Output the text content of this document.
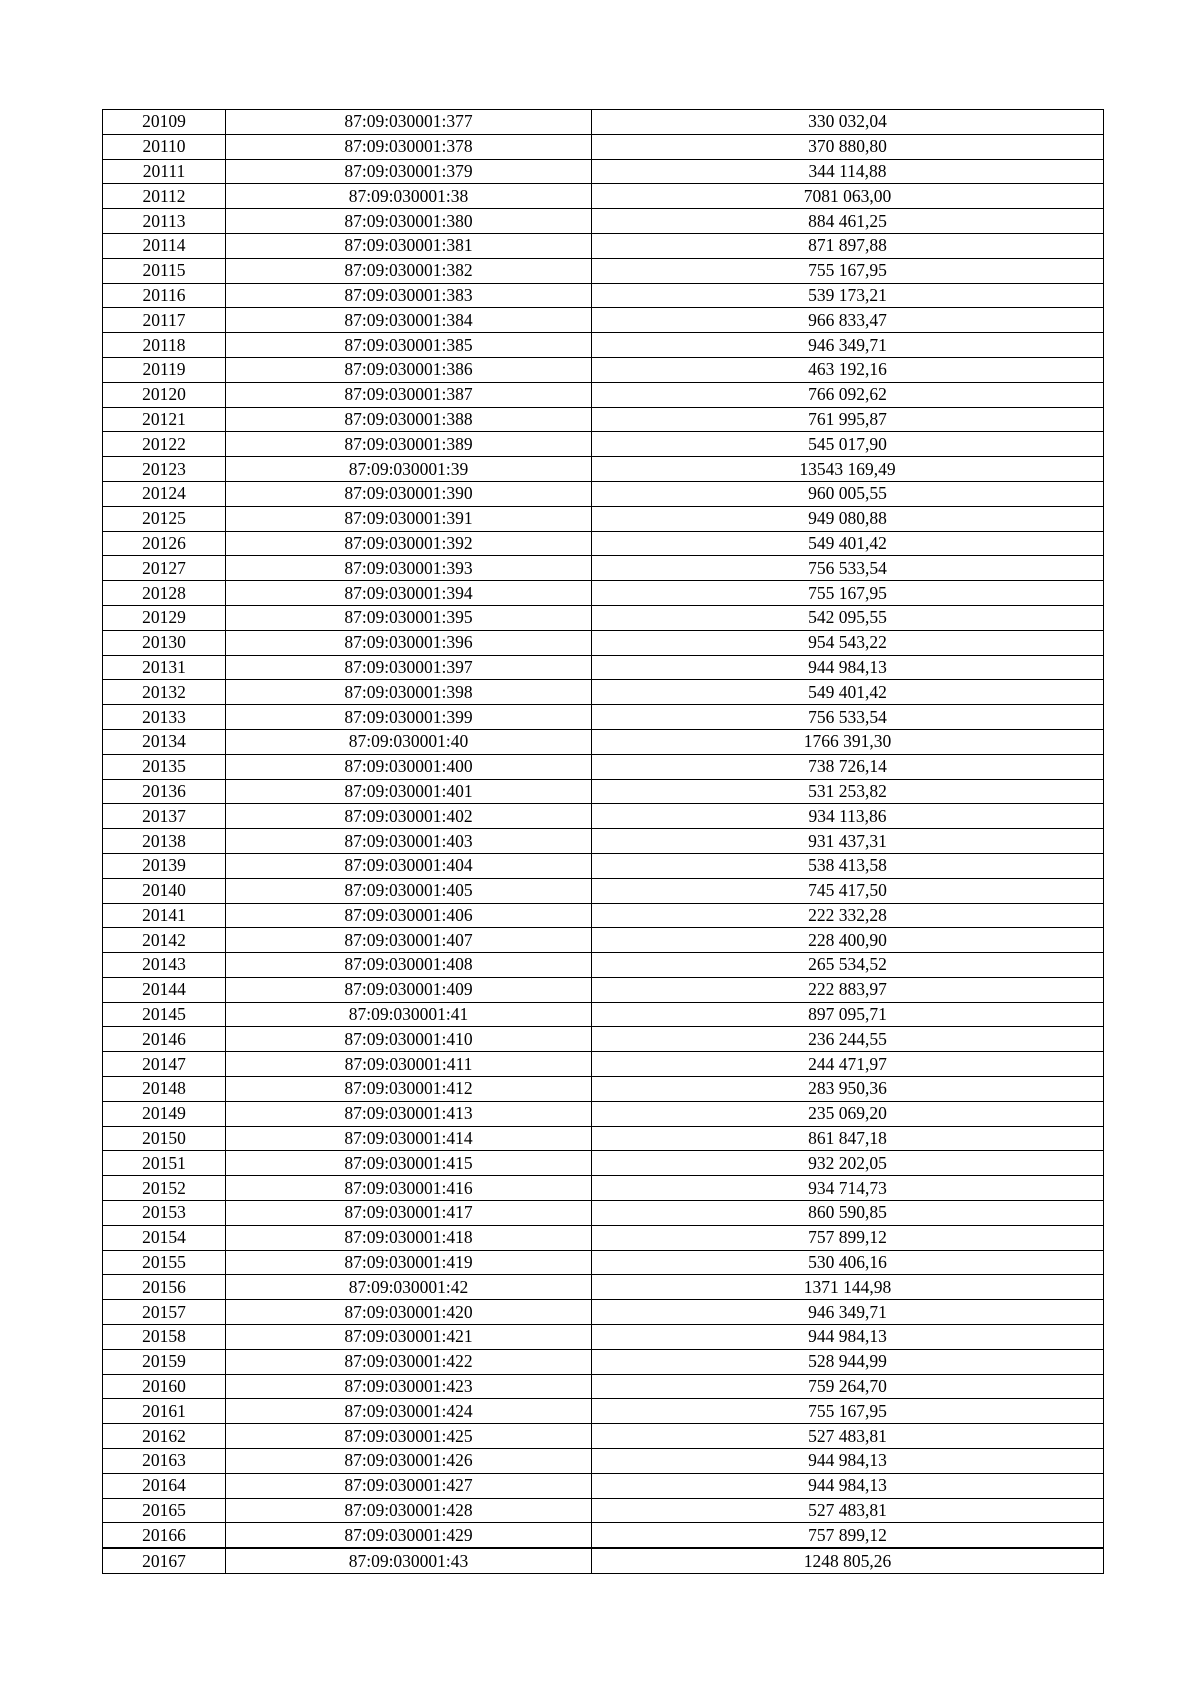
20109	87:09:030001:377	330 032,04
20110	87:09:030001:378	370 880,80
20111	87:09:030001:379	344 114,88
20112	87:09:030001:38	7081 063,00
20113	87:09:030001:380	884 461,25
20114	87:09:030001:381	871 897,88
20115	87:09:030001:382	755 167,95
20116	87:09:030001:383	539 173,21
20117	87:09:030001:384	966 833,47
20118	87:09:030001:385	946 349,71
20119	87:09:030001:386	463 192,16
20120	87:09:030001:387	766 092,62
20121	87:09:030001:388	761 995,87
20122	87:09:030001:389	545 017,90
20123	87:09:030001:39	13543 169,49
20124	87:09:030001:390	960 005,55
20125	87:09:030001:391	949 080,88
20126	87:09:030001:392	549 401,42
20127	87:09:030001:393	756 533,54
20128	87:09:030001:394	755 167,95
20129	87:09:030001:395	542 095,55
20130	87:09:030001:396	954 543,22
20131	87:09:030001:397	944 984,13
20132	87:09:030001:398	549 401,42
20133	87:09:030001:399	756 533,54
20134	87:09:030001:40	1766 391,30
20135	87:09:030001:400	738 726,14
20136	87:09:030001:401	531 253,82
20137	87:09:030001:402	934 113,86
20138	87:09:030001:403	931 437,31
20139	87:09:030001:404	538 413,58
20140	87:09:030001:405	745 417,50
20141	87:09:030001:406	222 332,28
20142	87:09:030001:407	228 400,90
20143	87:09:030001:408	265 534,52
20144	87:09:030001:409	222 883,97
20145	87:09:030001:41	897 095,71
20146	87:09:030001:410	236 244,55
20147	87:09:030001:411	244 471,97
20148	87:09:030001:412	283 950,36
20149	87:09:030001:413	235 069,20
20150	87:09:030001:414	861 847,18
20151	87:09:030001:415	932 202,05
20152	87:09:030001:416	934 714,73
20153	87:09:030001:417	860 590,85
20154	87:09:030001:418	757 899,12
20155	87:09:030001:419	530 406,16
20156	87:09:030001:42	1371 144,98
20157	87:09:030001:420	946 349,71
20158	87:09:030001:421	944 984,13
20159	87:09:030001:422	528 944,99
20160	87:09:030001:423	759 264,70
20161	87:09:030001:424	755 167,95
20162	87:09:030001:425	527 483,81
20163	87:09:030001:426	944 984,13
20164	87:09:030001:427	944 984,13
20165	87:09:030001:428	527 483,81
20166	87:09:030001:429	757 899,12
20167	87:09:030001:43	1248 805,26
